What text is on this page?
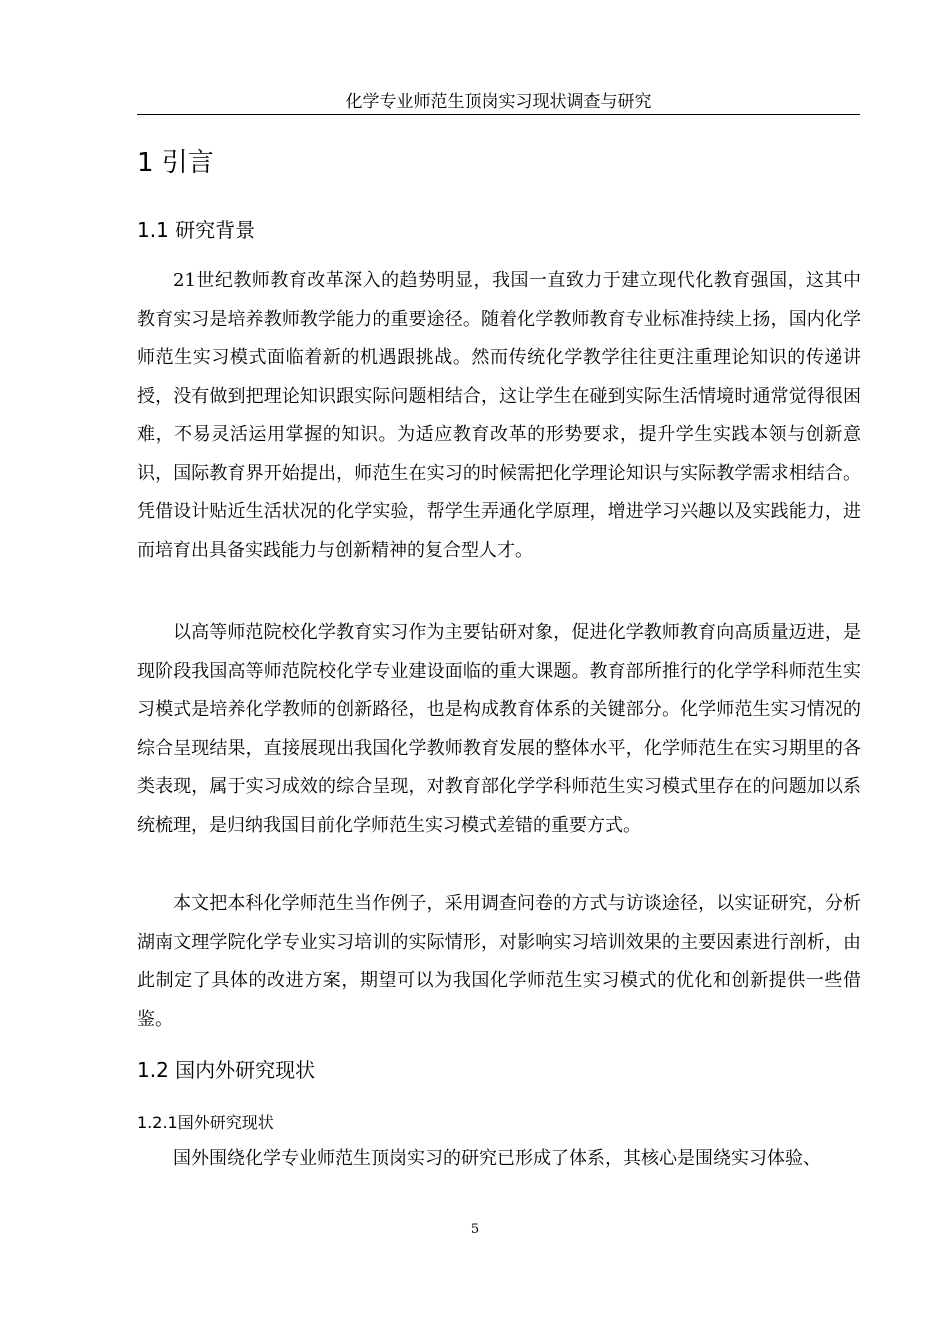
化学专业师范生顶岗实习现状调查与研究
1 引言
1.1 研究背景

21世纪教师教育改革深入的趋势明显，我国一直致力于建立现代化教育强国，这其中教育实习是培养教师教学能力的重要途径。随着化学教师教育专业标准持续上扬，国内化学师范生实习模式面临着新的机遇跟挑战。然而传统化学教学往往更注重理论知识的传递讲授，没有做到把理论知识跟实际问题相结合，这让学生在碰到实际生活情境时通常觉得很困难，不易灵活运用掌握的知识。为适应教育改革的形势要求，提升学生实践本领与创新意识，国际教育界开始提出，师范生在实习的时候需把化学理论知识与实际教学需求相结合。凭借设计贴近生活状况的化学实验，帮学生弄通化学原理，增进学习兴趣以及实践能力，进而培育出具备实践能力与创新精神的复合型人才。

以高等师范院校化学教育实习作为主要钻研对象，促进化学教师教育向高质量迈进，是现阶段我国高等师范院校化学专业建设面临的重大课题。教育部所推行的化学学科师范生实习模式是培养化学教师的创新路径，也是构成教育体系的关键部分。化学师范生实习情况的综合呈现结果，直接展现出我国化学教师教育发展的整体水平，化学师范生在实习期里的各类表现，属于实习成效的综合呈现，对教育部化学学科师范生实习模式里存在的问题加以系统梳理，是归纳我国目前化学师范生实习模式差错的重要方式。

本文把本科化学师范生当作例子，采用调查问卷的方式与访谈途径，以实证研究，分析湖南文理学院化学专业实习培训的实际情形，对影响实习培训效果的主要因素进行剖析，由此制定了具体的改进方案，期望可以为我国化学师范生实习模式的优化和创新提供一些借鉴。

1.2 国内外研究现状
1.2.1国外研究现状

国外围绕化学专业师范生顶岗实习的研究已形成了体系，其核心是围绕实习体验、

5
